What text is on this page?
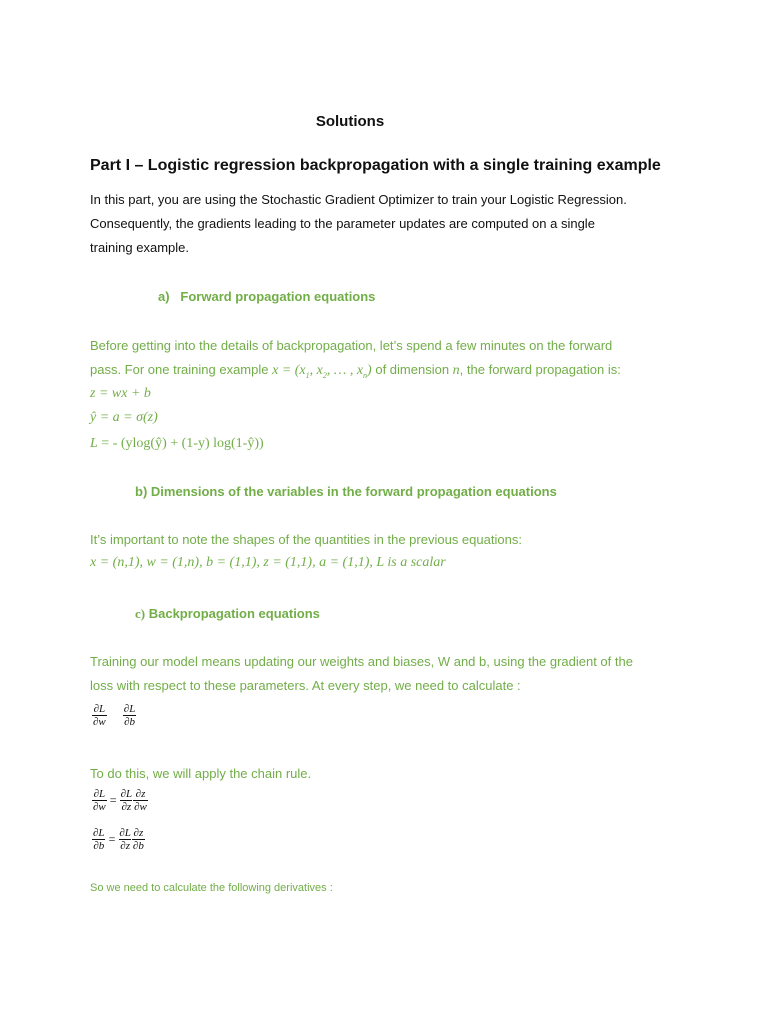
Solutions
Part I – Logistic regression backpropagation with a single training example
In this part, you are using the Stochastic Gradient Optimizer to train your Logistic Regression.
Consequently, the gradients leading to the parameter updates are computed on a single
training example.
a) Forward propagation equations
Before getting into the details of backpropagation, let’s spend a few minutes on the forward
pass. For one training example $x = (x_1$, $x_2$, … , $x_n$) of dimension n, the forward propagation is:
z = wx + b
ŷ = a = σ(z)
L = - (ylog(ŷ) + (1-y) log(1-ŷ))
b) Dimensions of the variables in the forward propagation equations
It’s important to note the shapes of the quantities in the previous equations:
x = (n,1), w = (1,n), b = (1,1), z = (1,1), a = (1,1), L is a scalar
c) Backpropagation equations
Training our model means updating our weights and biases, W and b, using the gradient of the
loss with respect to these parameters. At every step, we need to calculate :
$\frac{\partial L}{\partial w} \frac{\partial L}{\partial b}$
To do this, we will apply the chain rule.
$\frac{\partial L}{\partial w} = \frac{\partial L}{\partial z} \frac{\partial z}{\partial w}$
$\frac{\partial L}{\partial b} = \frac{\partial L}{\partial z} \frac{\partial z}{\partial b}$
So we need to calculate the following derivatives :
